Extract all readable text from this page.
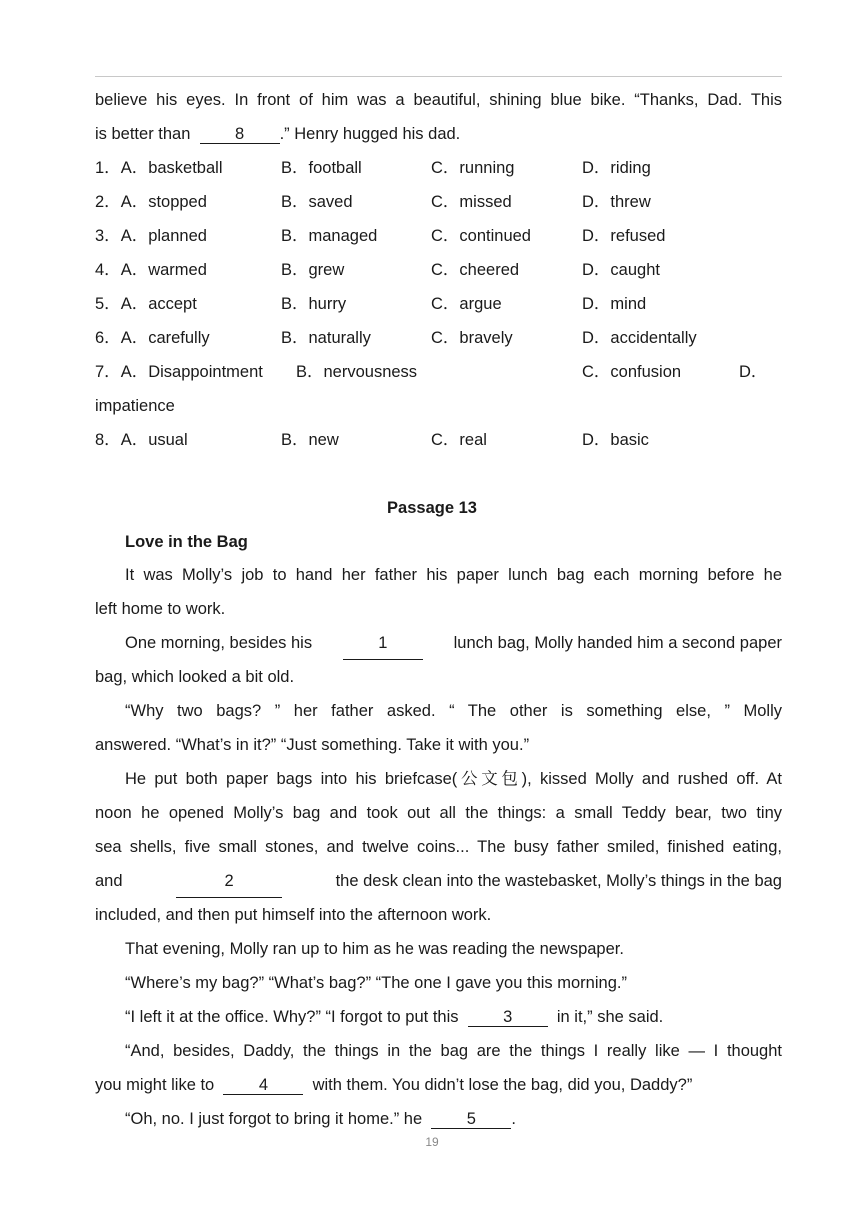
believe his eyes. In front of him was a beautiful, shining blue bike. “Thanks, Dad. This
is better than	8 .” Henry hugged his dad.
1．A．basketball	B．football	C．running	D．riding
2．A．stopped	B．saved	C．missed	D．threw
3．A．planned	B．managed	C．continued	D．refused
4．A．warmed	B．grew	C．cheered	D．caught
5．A．accept	B．hurry	C．argue	D．mind
6．A．carefully	B．naturally	C．bravely	D．accidentally
7．A．Disappointment B．nervousness	C．confusion	D．
impatience
8．A．usual	B．new	C．real	D．basic
Passage 13
Love in the Bag
It was Molly’s job to hand her father his paper lunch bag each morning before he
left home to work.
One morning, besides his	1	lunch bag, Molly handed him a second paper
bag, which looked a bit old.
“Why two bags? ” her father asked. “ The other is something else, ” Molly
answered. “What’s in it?” “Just something. Take it with you.”
He put both paper bags into his briefcase(公文包), kissed Molly and rushed off. At
noon he opened Molly’s bag and took out all the things: a small Teddy bear, two tiny
sea shells, five small stones, and twelve coins... The busy father smiled, finished eating,
and	2	the desk clean into the wastebasket, Molly’s things in the bag
included, and then put himself into the afternoon work.
That evening, Molly ran up to him as he was reading the newspaper.
“Where’s my bag?” “What’s bag?” “The one I gave you this morning.”
“I left it at the office. Why?” “I forgot to put this	3	in it,” she said.
“And, besides, Daddy, the things in the bag are the things I really like — I thought
you might like to	4	with them. You didn’t lose the bag, did you, Daddy?”
“Oh, no. I just forgot to bring it home.” he	5 .
19
